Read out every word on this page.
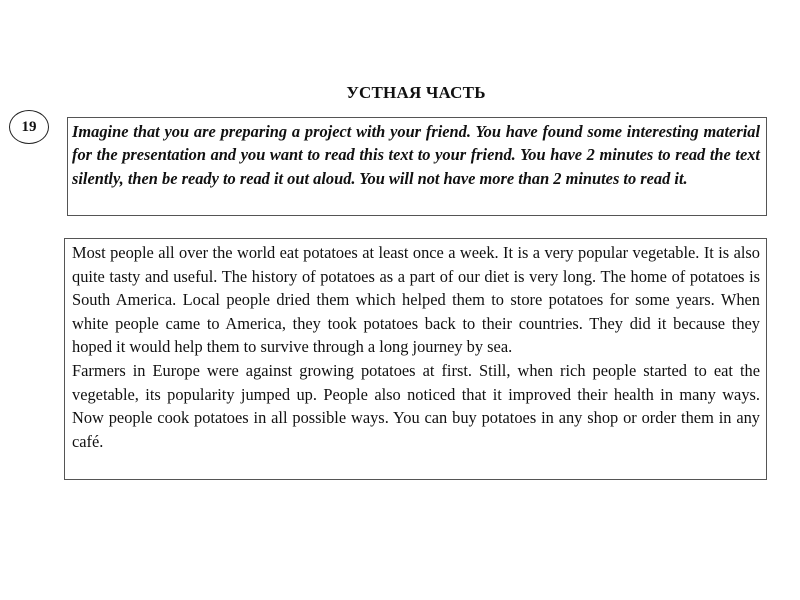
УСТНАЯ ЧАСТЬ
19	Imagine that you are preparing a project with your friend. You have found some interesting material for the presentation and you want to read this text to your friend. You have 2 minutes to read the text silently, then be ready to read it out aloud. You will not have more than 2 minutes to read it.

Most people all over the world eat potatoes at least once a week. It is a very popular vegetable. It is also quite tasty and useful. The history of potatoes as a part of our diet is very long. The home of potatoes is South America. Local people dried them which helped them to store potatoes for some years. When white people came to America, they took potatoes back to their countries. They did it because they hoped it would help them to survive through a long journey by sea.

Farmers in Europe were against growing potatoes at first. Still, when rich people started to eat the vegetable, its popularity jumped up. People also noticed that it improved their health in many ways. Now people cook potatoes in all possible ways. You can buy potatoes in any shop or order them in any café.
